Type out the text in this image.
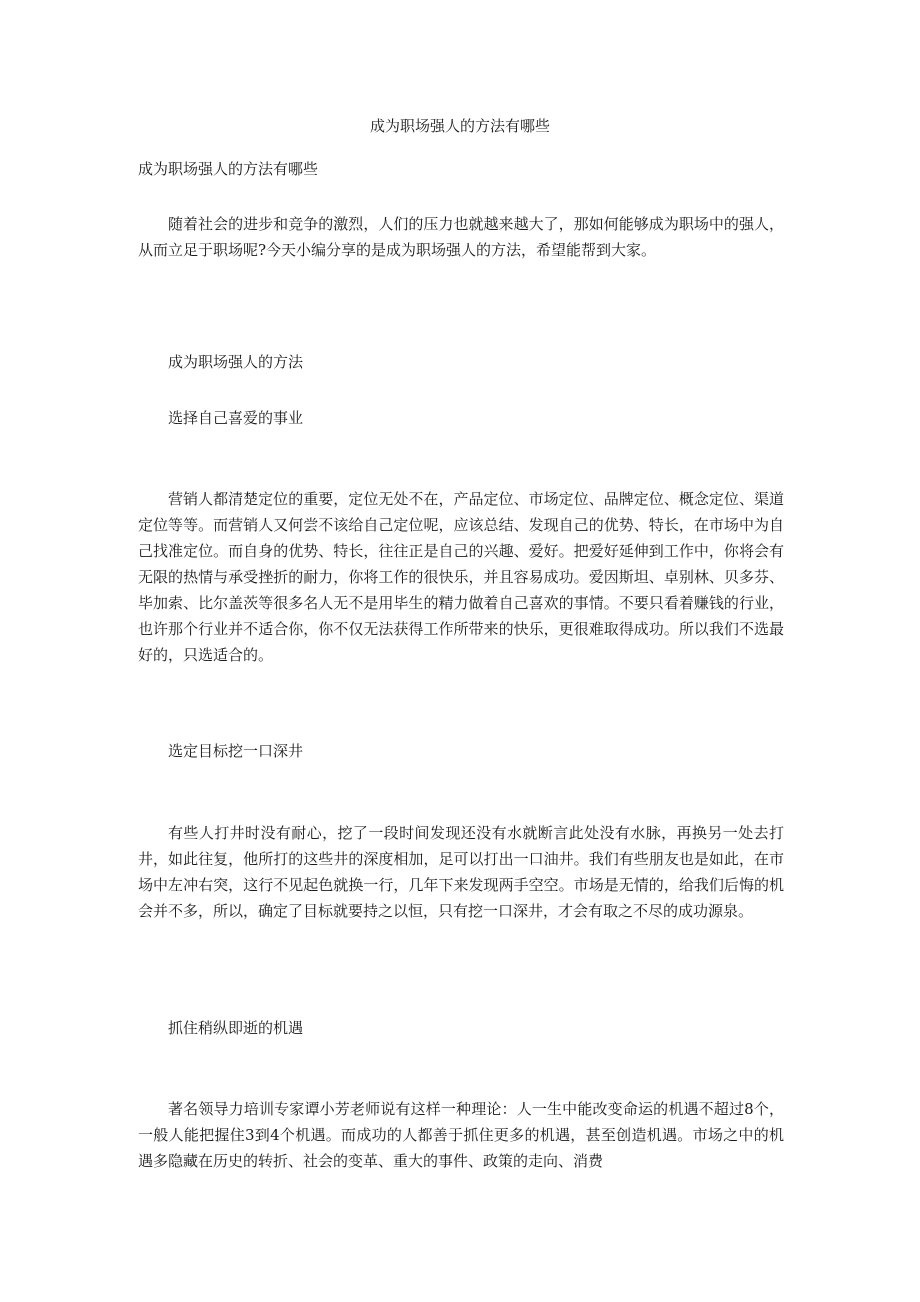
成为职场强人的方法有哪些
成为职场强人的方法有哪些

随着社会的进步和竞争的激烈，人们的压力也就越来越大了，那如何能够成为职场中的强人，从而立足于职场呢?今天小编分享的是成为职场强人的方法，希望能帮到大家。

成为职场强人的方法
选择自己喜爱的事业

营销人都清楚定位的重要，定位无处不在，产品定位、市场定位、品牌定位、概念定位、渠道定位等等。而营销人又何尝不该给自己定位呢，应该总结、发现自己的优势、特长，在市场中为自己找准定位。而自身的优势、特长，往往正是自己的兴趣、爱好。把爱好延伸到工作中，你将会有无限的热情与承受挫折的耐力，你将工作的很快乐，并且容易成功。爱因斯坦、卓别林、贝多芬、毕加索、比尔盖茨等很多名人无不是用毕生的精力做着自己喜欢的事情。不要只看着赚钱的行业，也许那个行业并不适合你，你不仅无法获得工作所带来的快乐，更很难取得成功。所以我们不选最好的，只选适合的。

选定目标挖一口深井

有些人打井时没有耐心，挖了一段时间发现还没有水就断言此处没有水脉，再换另一处去打井，如此往复，他所打的这些井的深度相加，足可以打出一口油井。我们有些朋友也是如此，在市场中左冲右突，这行不见起色就换一行，几年下来发现两手空空。市场是无情的，给我们后悔的机会并不多，所以，确定了目标就要持之以恒，只有挖一口深井，才会有取之不尽的成功源泉。

抓住稍纵即逝的机遇

著名领导力培训专家谭小芳老师说有这样一种理论：人一生中能改变命运的机遇不超过8个，一般人能把握住3到4个机遇。而成功的人都善于抓住更多的机遇，甚至创造机遇。市场之中的机遇多隐藏在历史的转折、社会的变革、重大的事件、政策的走向、消费
